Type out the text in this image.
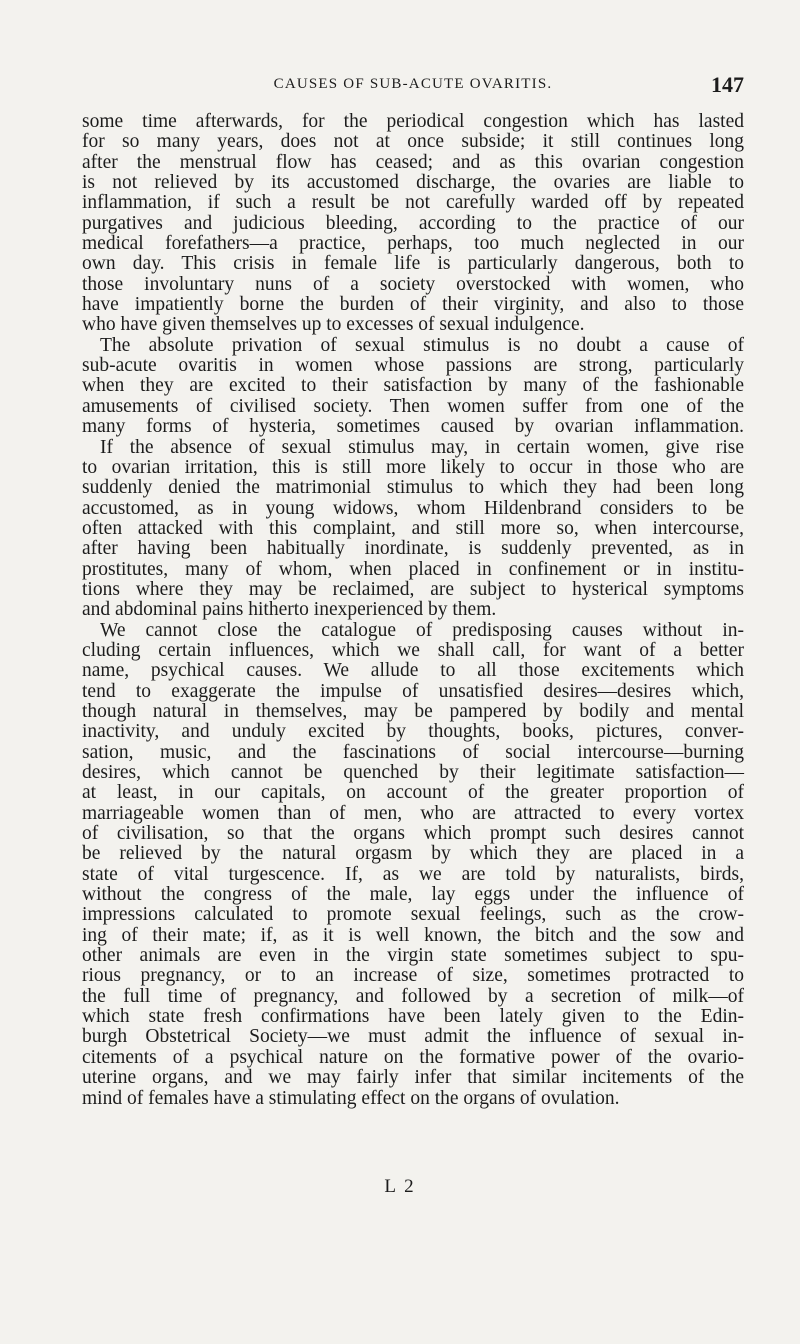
CAUSES OF SUB-ACUTE OVARITIS.	147
some time afterwards, for the periodical congestion which has lasted
for so many years, does not at once subside; it still continues long
after the menstrual flow has ceased; and as this ovarian congestion
is not relieved by its accustomed discharge, the ovaries are liable to
inflammation, if such a result be not carefully warded off by repeated
purgatives and judicious bleeding, according to the practice of our
medical forefathers—a practice, perhaps, too much neglected in our
own day. This crisis in female life is particularly dangerous, both to
those involuntary nuns of a society overstocked with women, who
have impatiently borne the burden of their virginity, and also to those
who have given themselves up to excesses of sexual indulgence.
The absolute privation of sexual stimulus is no doubt a cause of
sub-acute ovaritis in women whose passions are strong, particularly
when they are excited to their satisfaction by many of the fashionable
amusements of civilised society. Then women suffer from one of the
many forms of hysteria, sometimes caused by ovarian inflammation.
If the absence of sexual stimulus may, in certain women, give rise
to ovarian irritation, this is still more likely to occur in those who are
suddenly denied the matrimonial stimulus to which they had been long
accustomed, as in young widows, whom Hildenbrand considers to be
often attacked with this complaint, and still more so, when intercourse,
after having been habitually inordinate, is suddenly prevented, as in
prostitutes, many of whom, when placed in confinement or in institu-
tions where they may be reclaimed, are subject to hysterical symptoms
and abdominal pains hitherto inexperienced by them.
We cannot close the catalogue of predisposing causes without in-
cluding certain influences, which we shall call, for want of a better
name, psychical causes. We allude to all those excitements which
tend to exaggerate the impulse of unsatisfied desires—desires which,
though natural in themselves, may be pampered by bodily and mental
inactivity, and unduly excited by thoughts, books, pictures, conver-
sation, music, and the fascinations of social intercourse—burning
desires, which cannot be quenched by their legitimate satisfaction—
at least, in our capitals, on account of the greater proportion of
marriageable women than of men, who are attracted to every vortex
of civilisation, so that the organs which prompt such desires cannot
be relieved by the natural orgasm by which they are placed in a
state of vital turgescence. If, as we are told by naturalists, birds,
without the congress of the male, lay eggs under the influence of
impressions calculated to promote sexual feelings, such as the crow-
ing of their mate; if, as it is well known, the bitch and the sow and
other animals are even in the virgin state sometimes subject to spu-
rious pregnancy, or to an increase of size, sometimes protracted to
the full time of pregnancy, and followed by a secretion of milk—of
which state fresh confirmations have been lately given to the Edin-
burgh Obstetrical Society—we must admit the influence of sexual in-
citements of a psychical nature on the formative power of the ovario-
uterine organs, and we may fairly infer that similar incitements of the
mind of females have a stimulating effect on the organs of ovulation.
L 2
